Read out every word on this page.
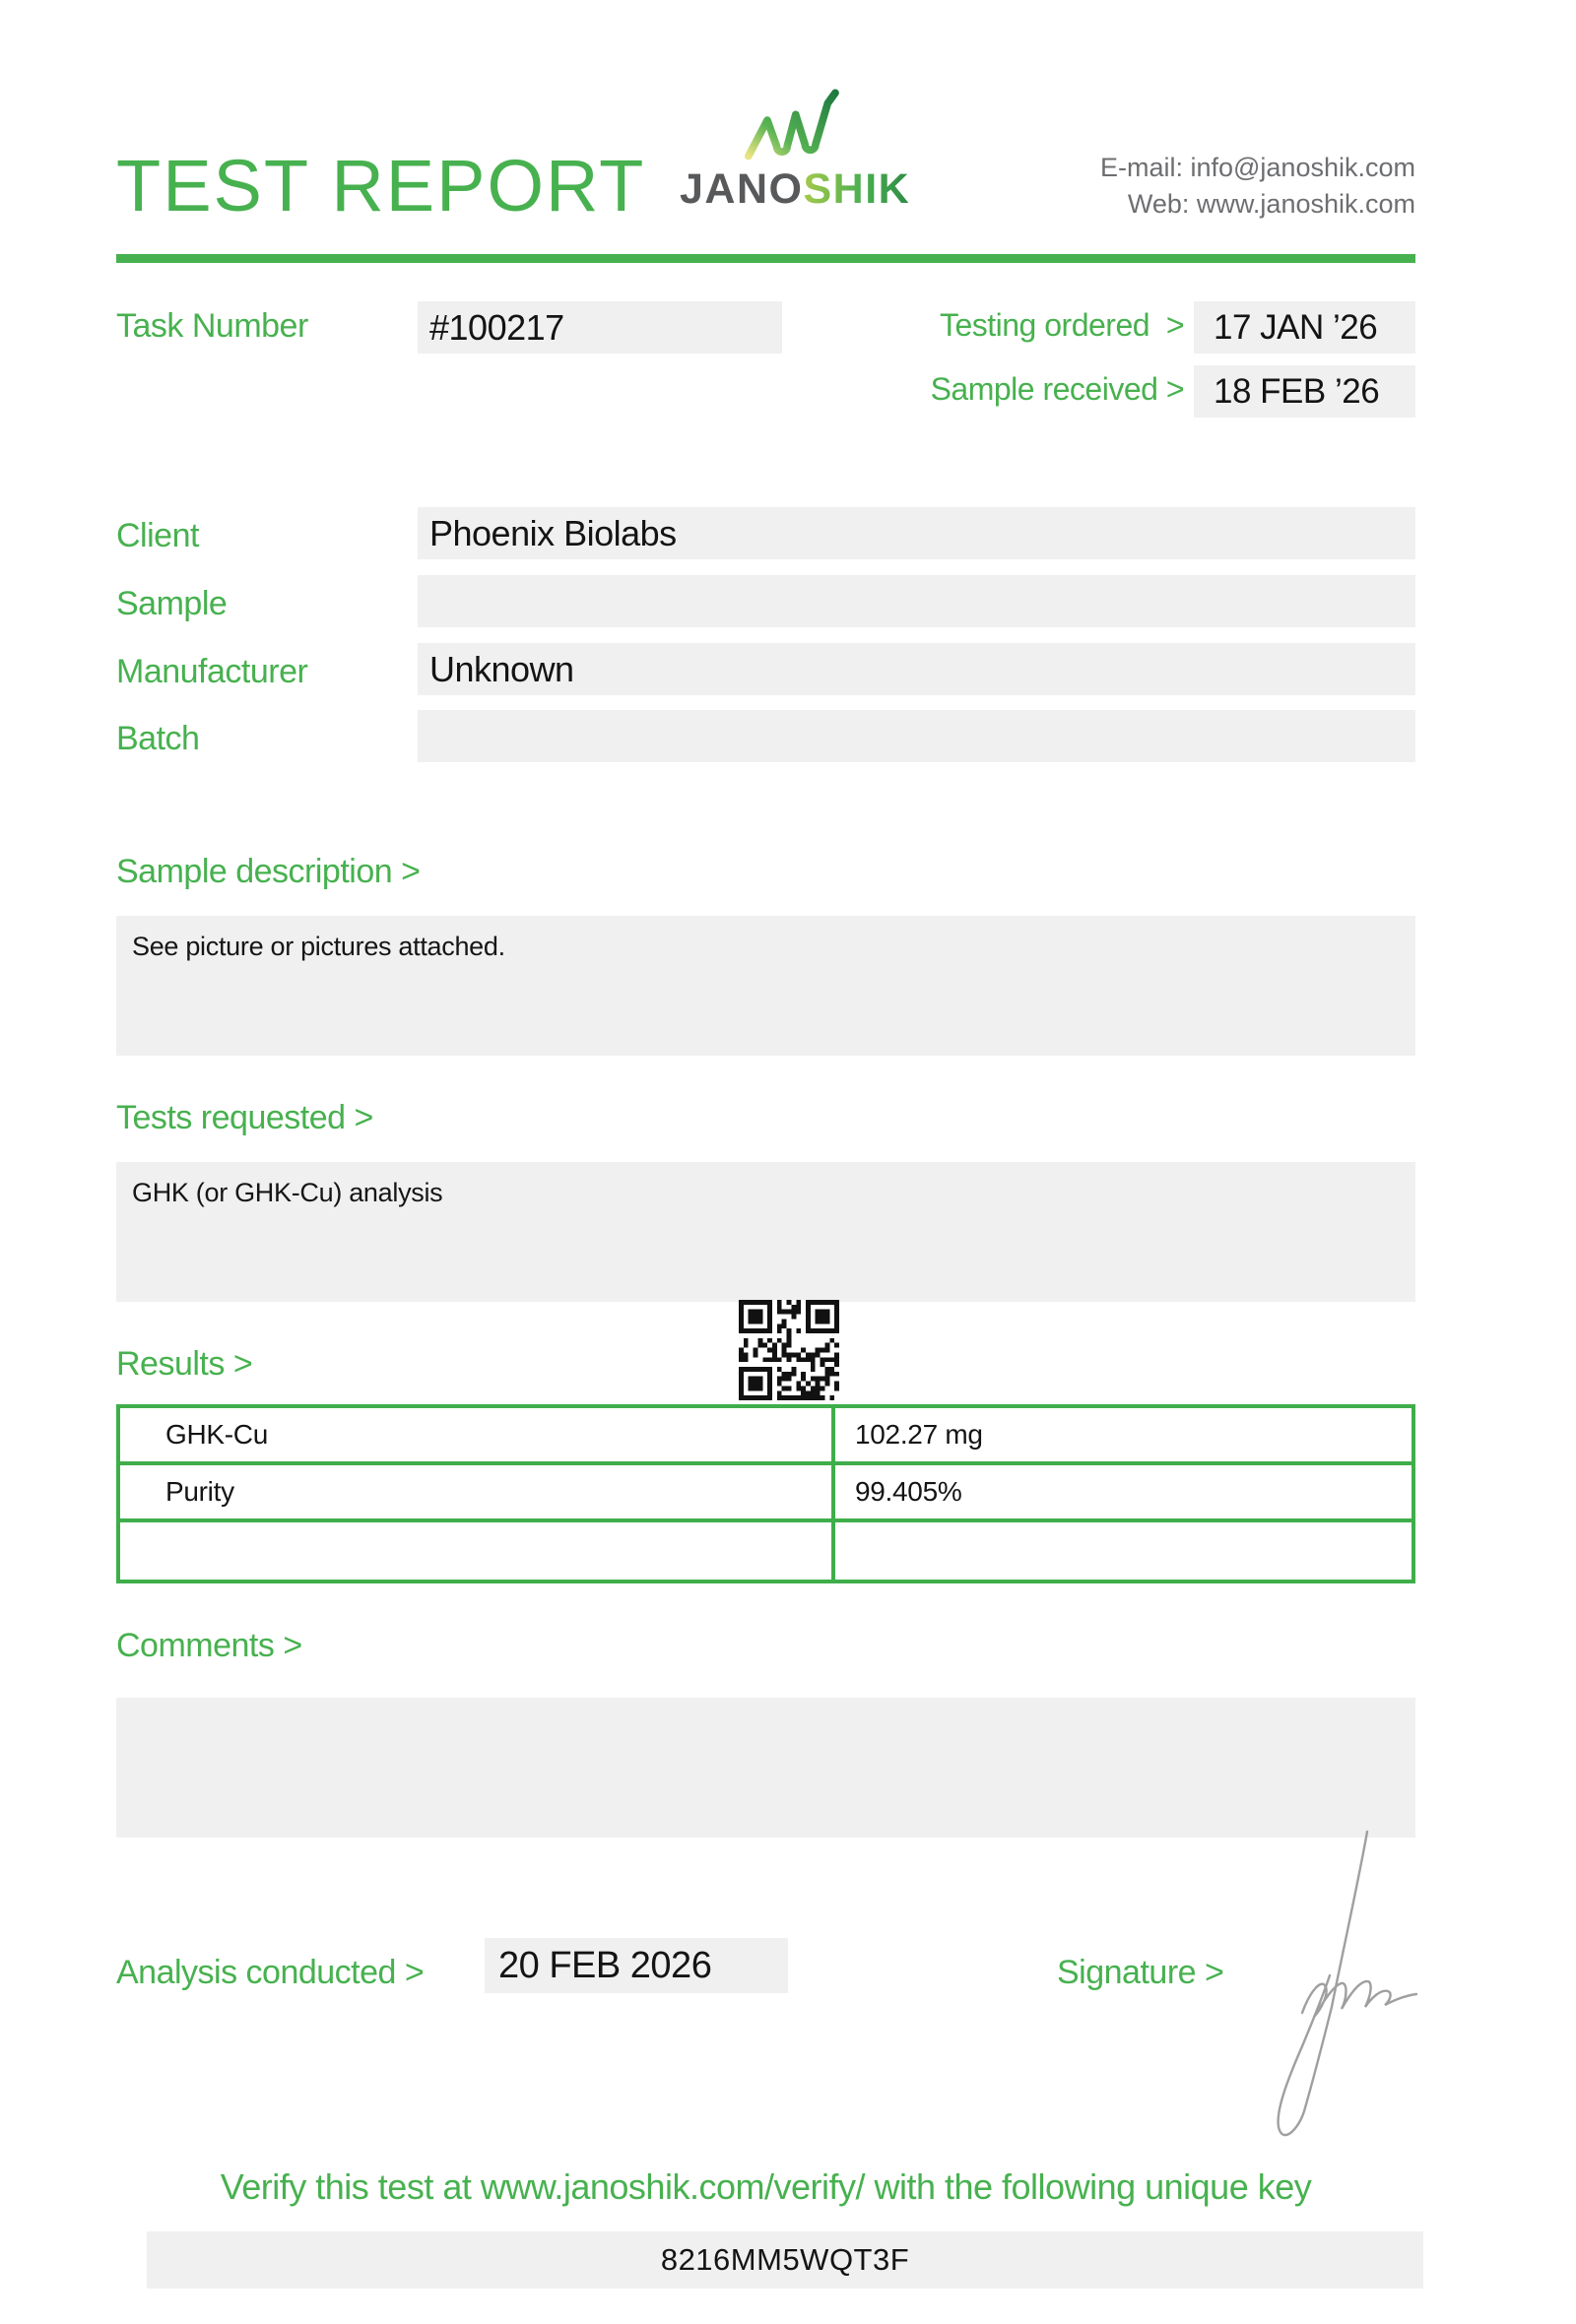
TEST REPORT JANOSHIK	E-mail: info@janoshik.com
Web: www.janoshik.com
Task Number	#100217	Testing ordered  > 17 JAN ’26
Sample received > 18 FEB ’26
Client	Phoenix Biolabs
Sample
Manufacturer	Unknown
Batch
Sample description >
See picture or pictures attached.
Tests requested >
GHK (or GHK-Cu) analysis
Results >
GHK-Cu	102.27 mg
Purity	99.405%

Comments >
Analysis conducted >	20 FEB 2026	Signature >
Verify this test at www.janoshik.com/verify/ with the following unique key
8216MM5WQT3F
